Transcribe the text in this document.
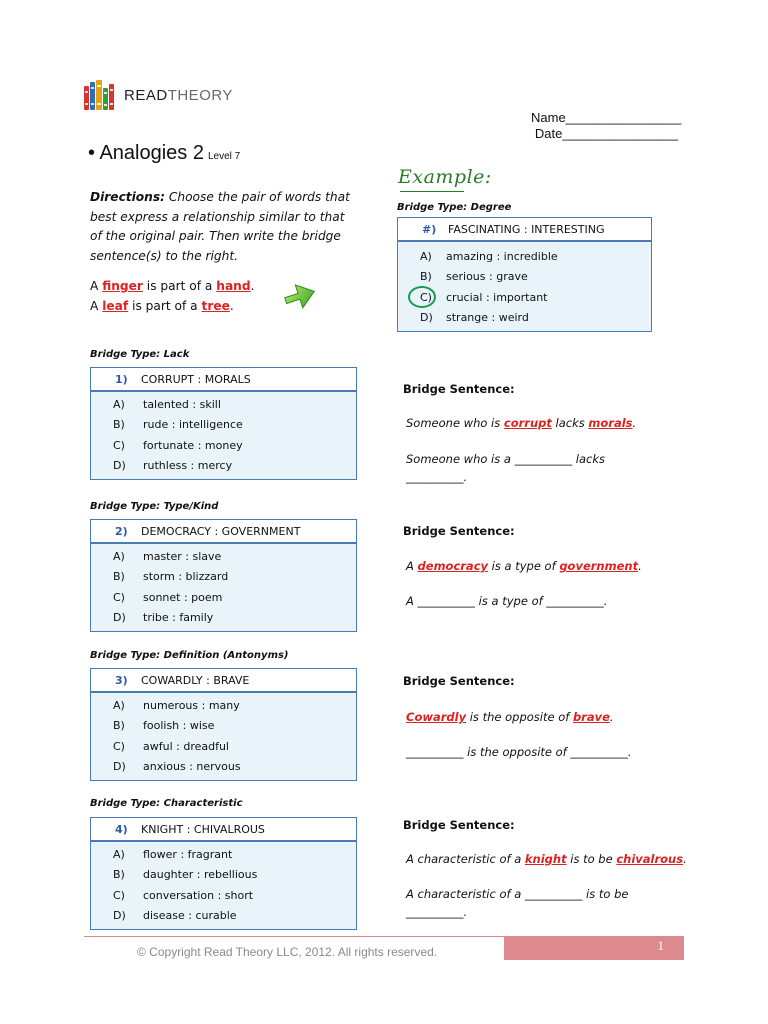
READTHEORY
Name________________
Date________________
• Analogies 2 Level 7
Directions: Choose the pair of words that best express a relationship similar to that of the original pair. Then write the bridge sentence(s) to the right.
A finger is part of a hand.
A leaf is part of a tree.
Example:
Bridge Type: Degree
#)	FASCINATING : INTERESTING
A)	amazing : incredible
B)	serious : grave
C)	crucial : important
D)	strange : weird
Bridge Type: Lack
1)	CORRUPT : MORALS
A)	talented : skill
B)	rude : intelligence
C)	fortunate : money
D)	ruthless : mercy
Bridge Sentence:
Someone who is corrupt lacks morals.
Someone who is a __________ lacks
__________.
Bridge Type: Type/Kind
2)	DEMOCRACY : GOVERNMENT
A)	master : slave
B)	storm : blizzard
C)	sonnet : poem
D)	tribe : family
Bridge Sentence:
A democracy is a type of government.
A __________ is a type of __________.
Bridge Type: Definition (Antonyms)
3)	COWARDLY : BRAVE
A)	numerous : many
B)	foolish : wise
C)	awful : dreadful
D)	anxious : nervous
Bridge Sentence:
Cowardly is the opposite of brave.
__________ is the opposite of __________.
Bridge Type: Characteristic
4)	KNIGHT : CHIVALROUS
A)	flower : fragrant
B)	daughter : rebellious
C)	conversation : short
D)	disease : curable
Bridge Sentence:
A characteristic of a knight is to be chivalrous.
A characteristic of a __________ is to be
__________.
© Copyright Read Theory LLC, 2012. All rights reserved.	1
